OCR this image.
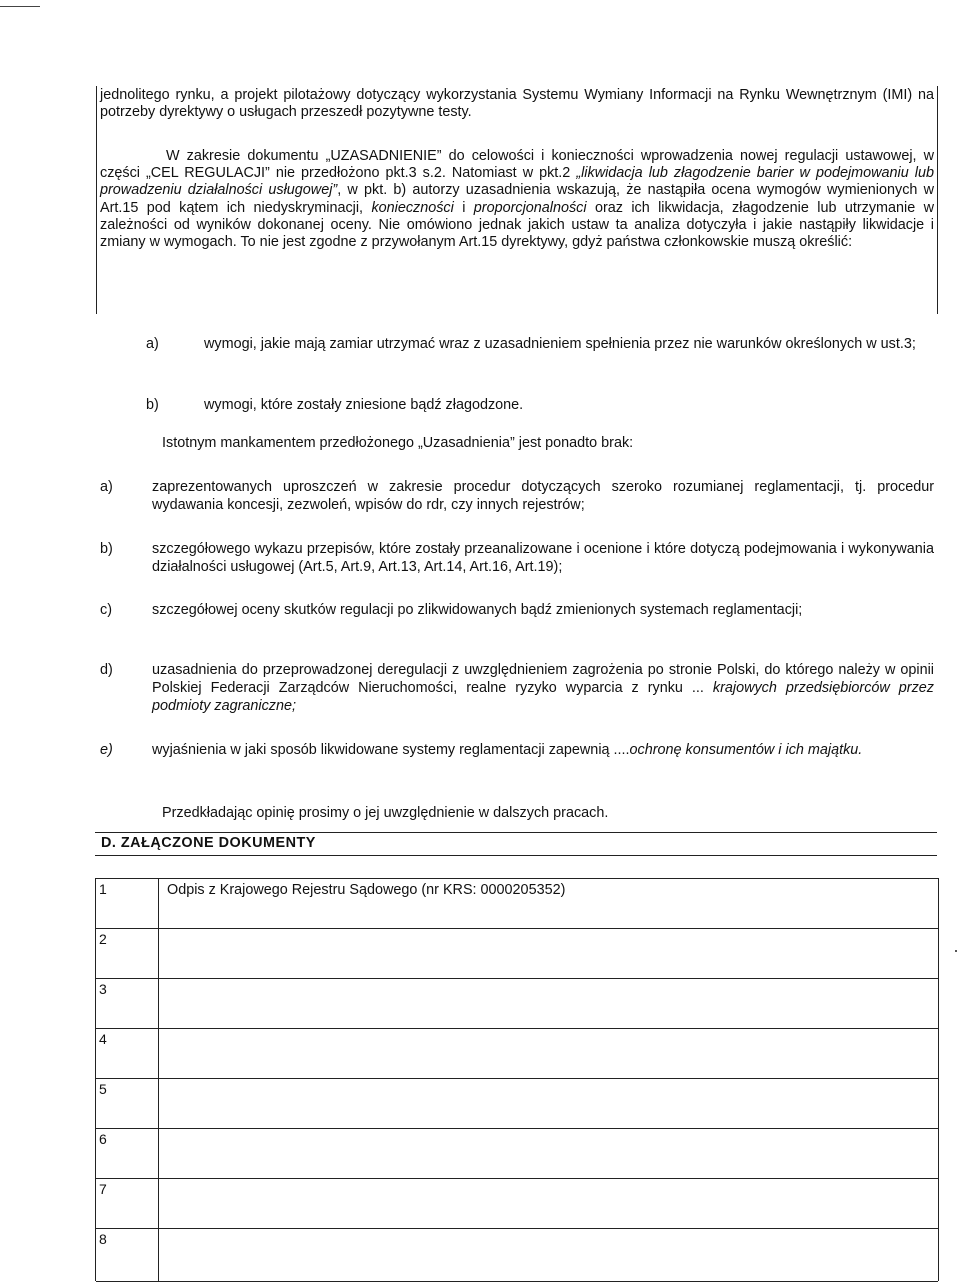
jednolitego rynku, a projekt pilotażowy dotyczący wykorzystania Systemu Wymiany Informacji na Rynku Wewnętrznym (IMI) na potrzeby dyrektywy o usługach przeszedł pozytywne testy.

W zakresie dokumentu „UZASADNIENIE” do celowości i konieczności wprowadzenia nowej regulacji ustawowej, w części „CEL REGULACJI” nie przedłożono pkt.3 s.2. Natomiast w pkt.2 „likwidacja lub złagodzenie barier w podejmowaniu lub prowadzeniu działalności usługowej”, w pkt. b) autorzy uzasadnienia wskazują, że nastąpiła ocena wymogów wymienionych w Art.15 pod kątem ich niedyskryminacji, konieczności i proporcjonalności oraz ich likwidacja, złagodzenie lub utrzymanie w zależności od wyników dokonanej oceny. Nie omówiono jednak jakich ustaw ta analiza dotyczyła i jakie nastąpiły likwidacje i zmiany w wymogach. To nie jest zgodne z przywołanym Art.15 dyrektywy, gdyż państwa członkowskie muszą określić:

a)	wymogi, jakie mają zamiar utrzymać wraz z uzasadnieniem spełnienia przez nie warunków określonych w ust.3;
b)	wymogi, które zostały zniesione bądź złagodzone.
Istotnym mankamentem przedłożonego „Uzasadnienia” jest ponadto brak:
a)	zaprezentowanych uproszczeń w zakresie procedur dotyczących szeroko rozumianej reglamentacji, tj. procedur wydawania koncesji, zezwoleń, wpisów do rdr, czy innych rejestrów;
b)	szczegółowego wykazu przepisów, które zostały przeanalizowane i ocenione i które dotyczą podejmowania i wykonywania działalności usługowej (Art.5, Art.9, Art.13, Art.14, Art.16, Art.19);
c)	szczegółowej oceny skutków regulacji po zlikwidowanych bądź zmienionych systemach reglamentacji;
d)	uzasadnienia do przeprowadzonej deregulacji z uwzględnieniem zagrożenia po stronie Polski, do którego należy w opinii Polskiej Federacji Zarządców Nieruchomości, realne ryzyko wyparcia z rynku ... krajowych przedsiębiorców przez podmioty zagraniczne;
e)	wyjaśnienia w jaki sposób likwidowane systemy reglamentacji zapewnią ....ochronę konsumentów i ich majątku.
Przedkładając opinię prosimy o jej uwzględnienie w dalszych pracach.
D. ZAŁĄCZONE DOKUMENTY
1	Odpis z Krajowego Rejestru Sądowego (nr KRS: 0000205352)
2
3
4
5
6
7
8
